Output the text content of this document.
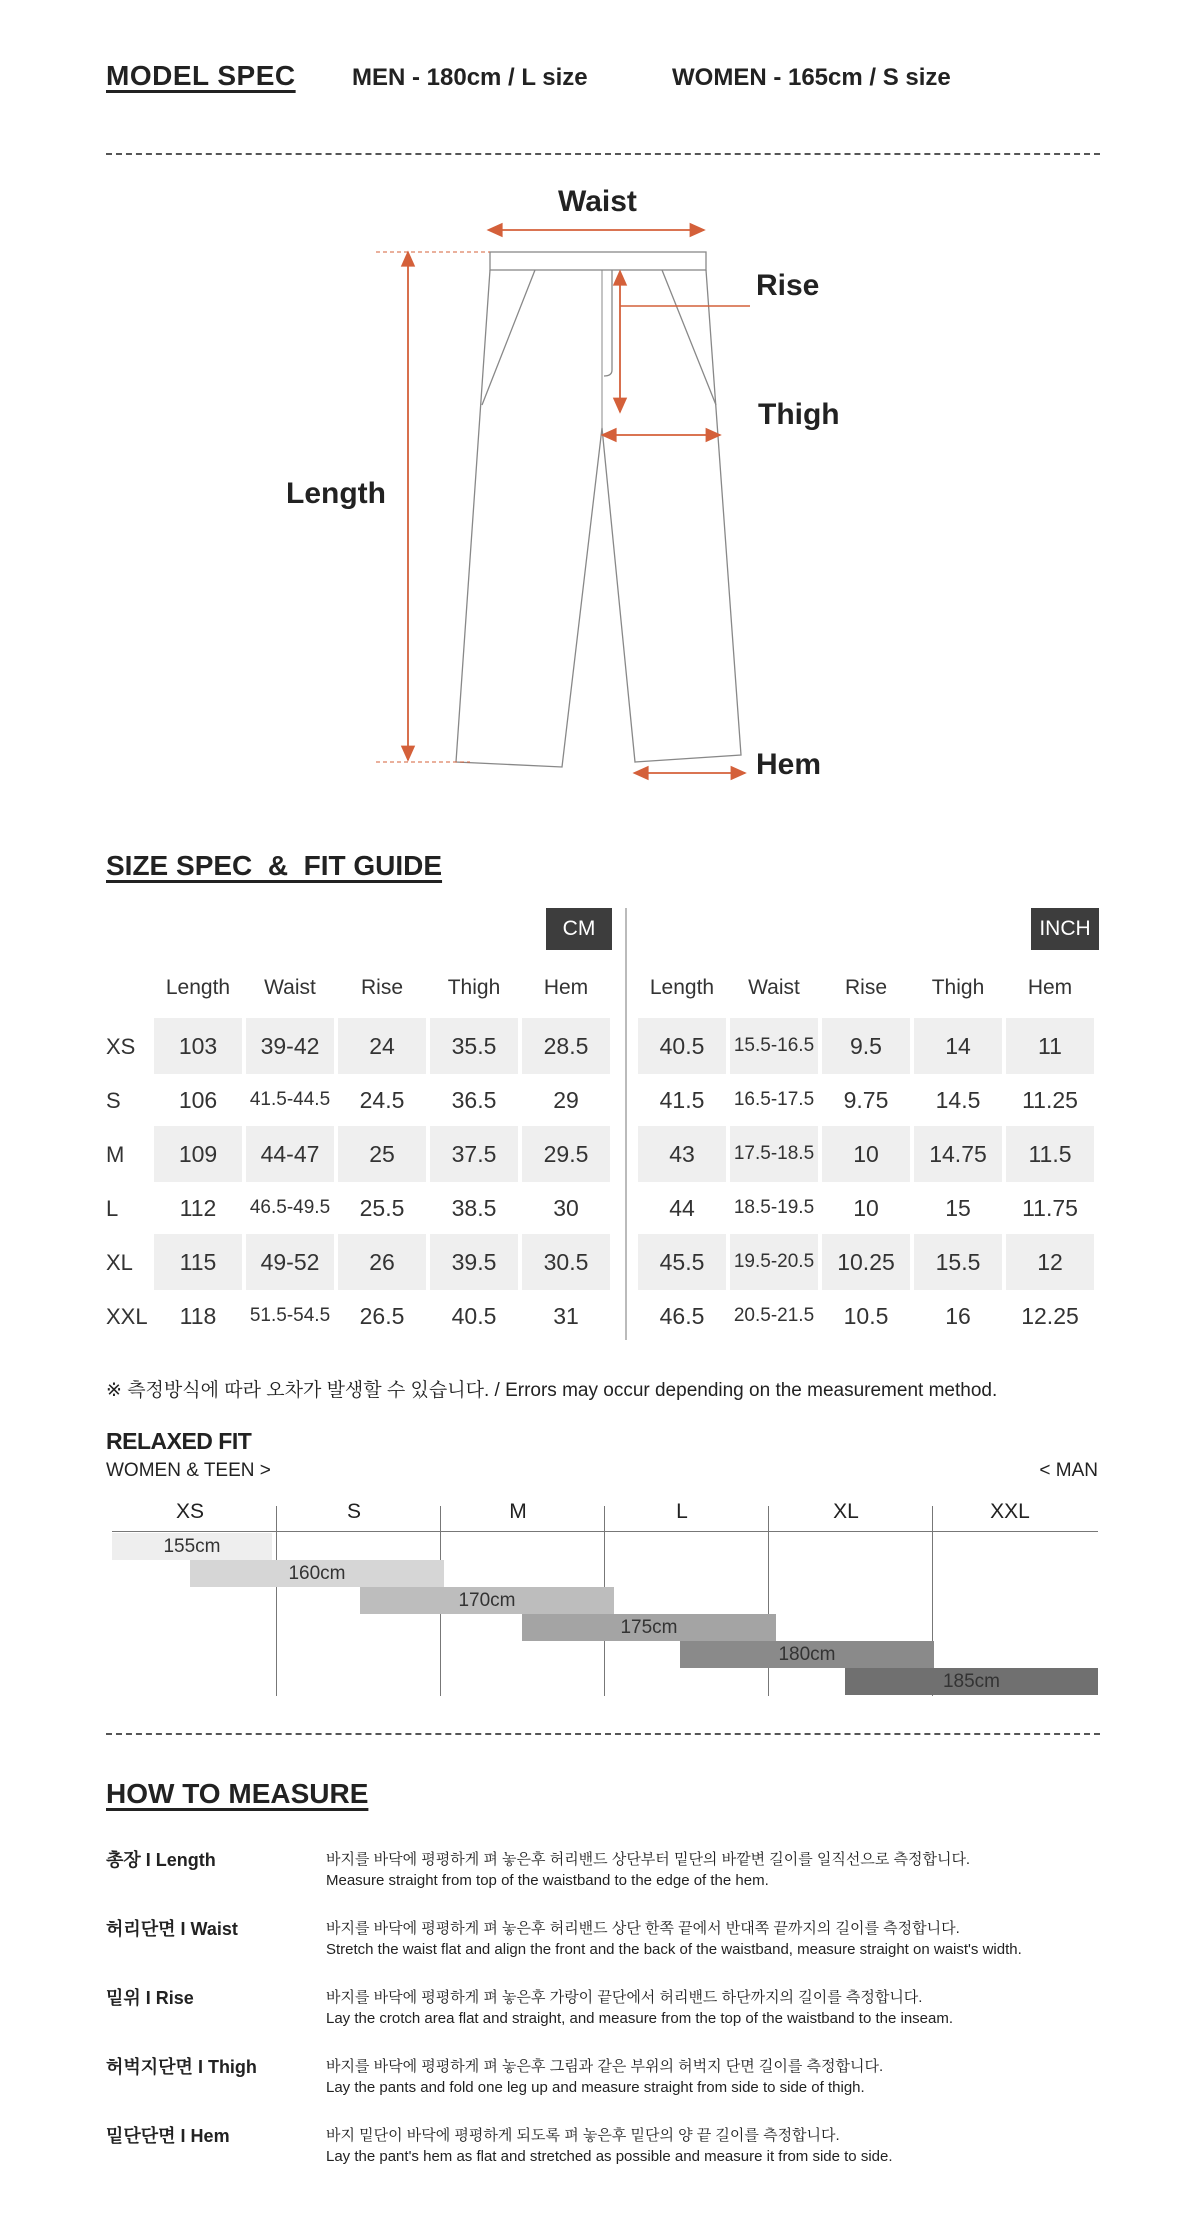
MODEL SPEC MEN - 180cm / L size	WOMEN - 165cm / S size
Waist
Rise
Thigh
Length
Hem
SIZE SPEC  &  FIT GUIDE
CM	INCH
Length	Waist	Rise	Thigh	Hem	Length	Waist	Rise	Thigh	Hem
XS	103	39-42	24	35.5	28.5	40.5	15.5-16.5	9.5	14	11
S	106	41.5-44.5	24.5	36.5	29	41.5	16.5-17.5	9.75	14.5	11.25
M	109	44-47	25	37.5	29.5	43	17.5-18.5	10	14.75	11.5
L	112	46.5-49.5	25.5	38.5	30	44	18.5-19.5	10	15	11.75
XL	115	49-52	26	39.5	30.5	45.5	19.5-20.5	10.25	15.5	12
XXL	118	51.5-54.5	26.5	40.5	31	46.5	20.5-21.5	10.5	16	12.25
※ 측정방식에 따라 오차가 발생할 수 있습니다. / Errors may occur depending on the measurement method.
RELAXED FIT
WOMEN & TEEN >	< MAN
XS	S	M	L	XL	XXL
155cm
160cm
170cm
175cm
180cm
185cm
HOW TO MEASURE
총장 I Length	바지를 바닥에 평평하게 펴 놓은후 허리밴드 상단부터 밑단의 바깥변 길이를 일직선으로 측정합니다.
Measure straight from top of the waistband to the edge of the hem.
허리단면 I Waist	바지를 바닥에 평평하게 펴 놓은후 허리밴드 상단 한쪽 끝에서 반대쪽 끝까지의 길이를 측정합니다.
Stretch the waist flat and align the front and the back of the waistband, measure straight on waist's width.
밑위 I Rise	바지를 바닥에 평평하게 펴 놓은후 가랑이 끝단에서 허리밴드 하단까지의 길이를 측정합니다.
Lay the crotch area flat and straight, and measure from the top of the waistband to the inseam.
허벅지단면 I Thigh	바지를 바닥에 평평하게 펴 놓은후 그림과 같은 부위의 허벅지 단면 길이를 측정합니다.
Lay the pants and fold one leg up and measure straight from side to side of thigh.
밑단단면 I Hem	바지 밑단이 바닥에 평평하게 되도록 펴 놓은후 밑단의 양 끝 길이를 측정합니다.
Lay the pant's hem as flat and stretched as possible and measure it from side to side.
